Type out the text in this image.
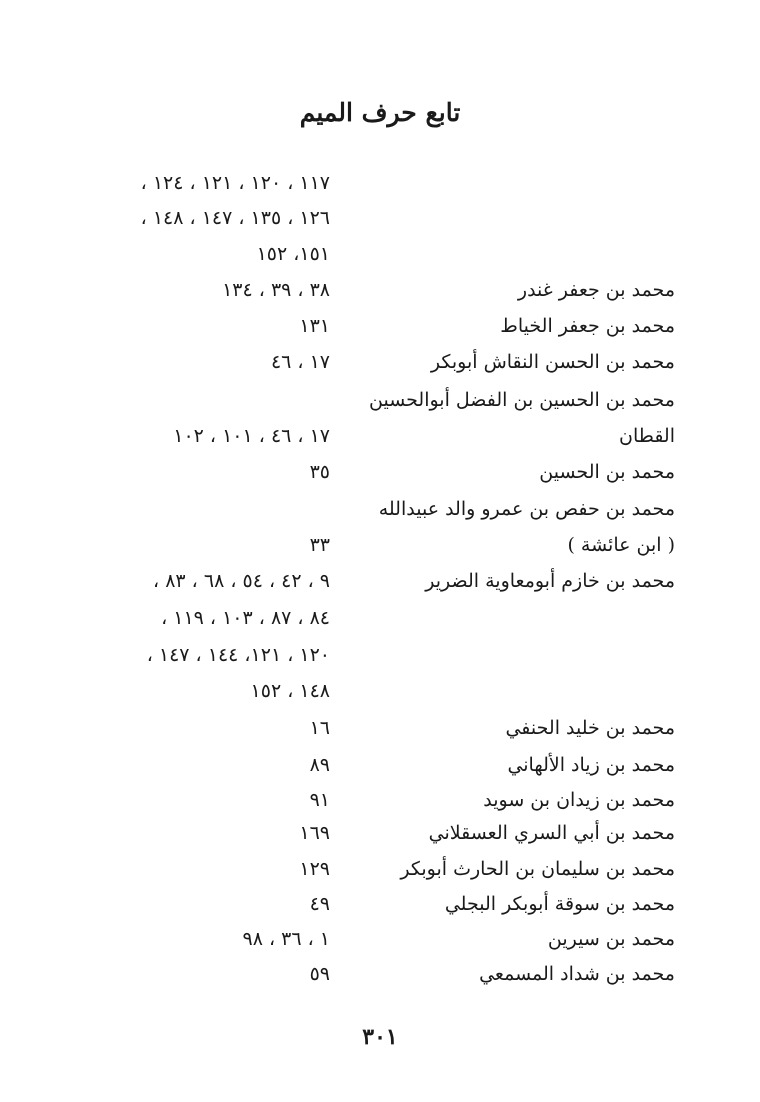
تابع حرف الميم
١١٧ ، ١٢٠ ، ١٢١ ، ١٢٤ ،
١٢٦ ، ١٣٥ ، ١٤٧ ، ١٤٨ ،
١٥١، ١٥٢
محمد بن جعفر غندر
٣٨ ، ٣٩ ، ١٣٤
محمد بن جعفر الخياط
١٣١
محمد بن الحسن النقاش أبوبكر
١٧ ، ٤٦
محمد بن الحسين بن الفضل أبوالحسين
القطان
١٧ ، ٤٦ ، ١٠١ ، ١٠٢
محمد بن الحسين
٣٥
محمد بن حفص بن عمرو والد عبيدالله
( ابن عائشة )
٣٣
محمد بن خازم أبومعاوية الضرير
٩ ، ٤٢ ، ٥٤ ، ٦٨ ، ٨٣ ،
٨٤ ، ٨٧ ، ١٠٣ ، ١١٩ ،
١٢٠ ، ١٢١، ١٤٤ ، ١٤٧ ،
١٤٨ ، ١٥٢
محمد بن خليد الحنفي
١٦
محمد بن زياد الألهاني
٨٩
محمد بن زيدان بن سويد
٩١
محمد بن أبي السري العسقلاني
١٦٩
محمد بن سليمان بن الحارث أبوبكر
١٢٩
محمد بن سوقة أبوبكر البجلي
٤٩
محمد بن سيرين
١ ، ٣٦ ، ٩٨
محمد بن شداد المسمعي
٥٩
٣٠١
